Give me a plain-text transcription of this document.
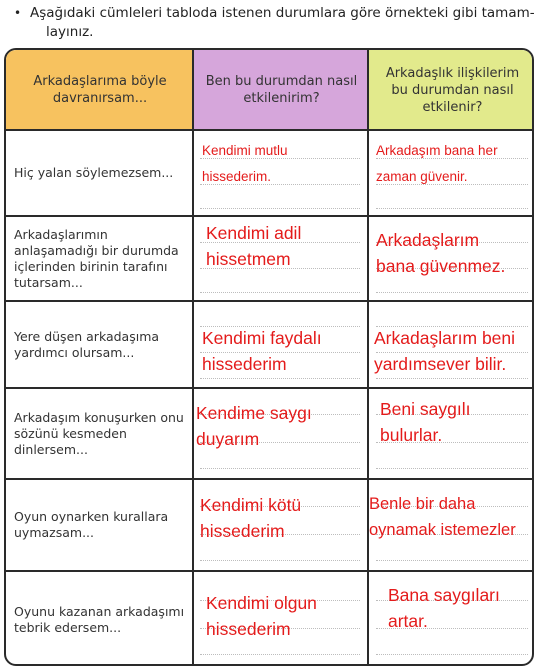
• Aşağıdaki cümleleri tabloda istenen durumlara göre örnekteki gibi tamam-
layınız.
Arkadaşlarıma böyle davranırsam...
Ben bu durumdan nasıl etkilenirim?
Arkadaşlık ilişkilerim bu durumdan nasıl etkilenir?
Hiç yalan söylemezsem...
Kendimi mutlu
hissederim.
Arkadaşım bana her
zaman güvenir.
Arkadaşlarımın anlaşamadığı bir durumda içlerinden birinin tarafını tutarsam...
Kendimi adil
hissetmem
Arkadaşlarım
bana güvenmez.
Yere düşen arkadaşıma yardımcı olursam...
Kendimi faydalı
hissederim
Arkadaşlarım beni
yardımsever bilir.
Arkadaşım konuşurken onu sözünü kesmeden dinlersem...
Kendime saygı
duyarım
Beni saygılı
bulurlar.
Oyun oynarken kurallara uymazsam...
Kendimi kötü
hissederim
Benle bir daha
oynamak istemezler
Oyunu kazanan arkadaşımı tebrik edersem...
Kendimi olgun
hissederim
Bana saygıları
artar.
